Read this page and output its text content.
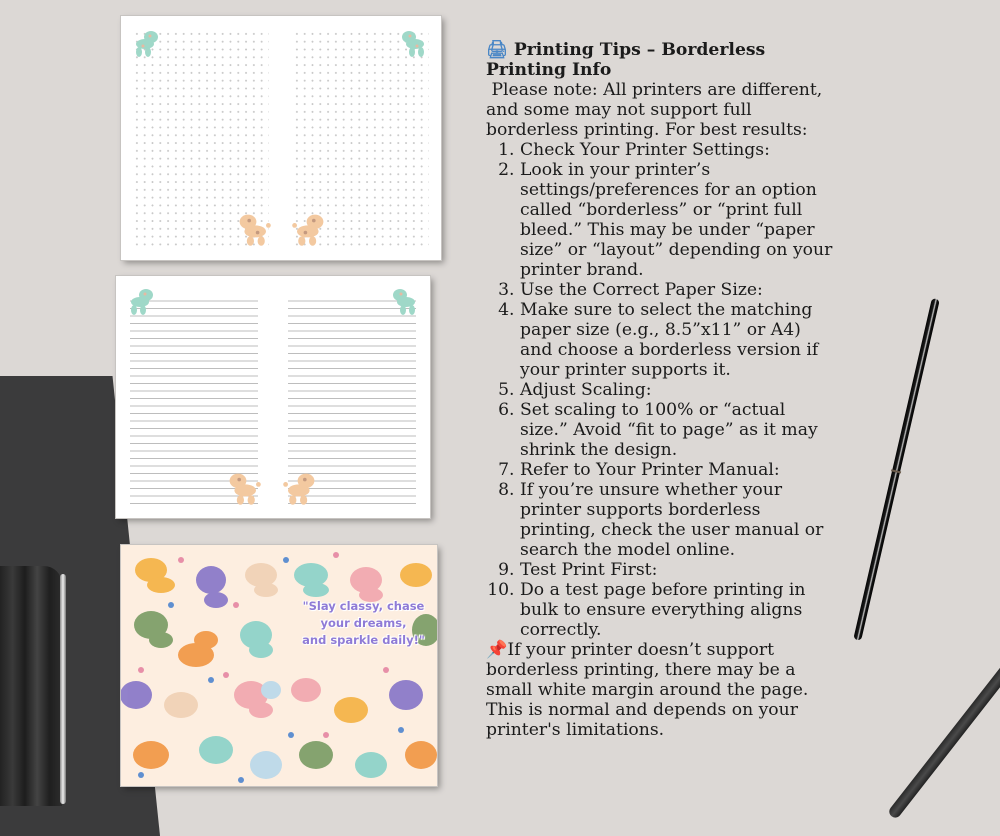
"Slay classy, chase
your dreams,
and sparkle daily!"
🖨 Printing Tips – Borderless Printing Info
Please note: All printers are different, and some may not support full borderless printing. For best results:
1. Check Your Printer Settings:
2. Look in your printer’s settings/preferences for an option called “borderless” or “print full bleed.” This may be under “paper size” or “layout” depending on your printer brand.
3. Use the Correct Paper Size:
4. Make sure to select the matching paper size (e.g., 8.5”x11” or A4) and choose a borderless version if your printer supports it.
5. Adjust Scaling:
6. Set scaling to 100% or “actual size.” Avoid “fit to page” as it may shrink the design.
7. Refer to Your Printer Manual:
8. If you’re unsure whether your printer supports borderless printing, check the user manual or search the model online.
9. Test Print First:
10. Do a test page before printing in bulk to ensure everything aligns correctly.
📌If your printer doesn’t support borderless printing, there may be a small white margin around the page. This is normal and depends on your printer's limitations.
